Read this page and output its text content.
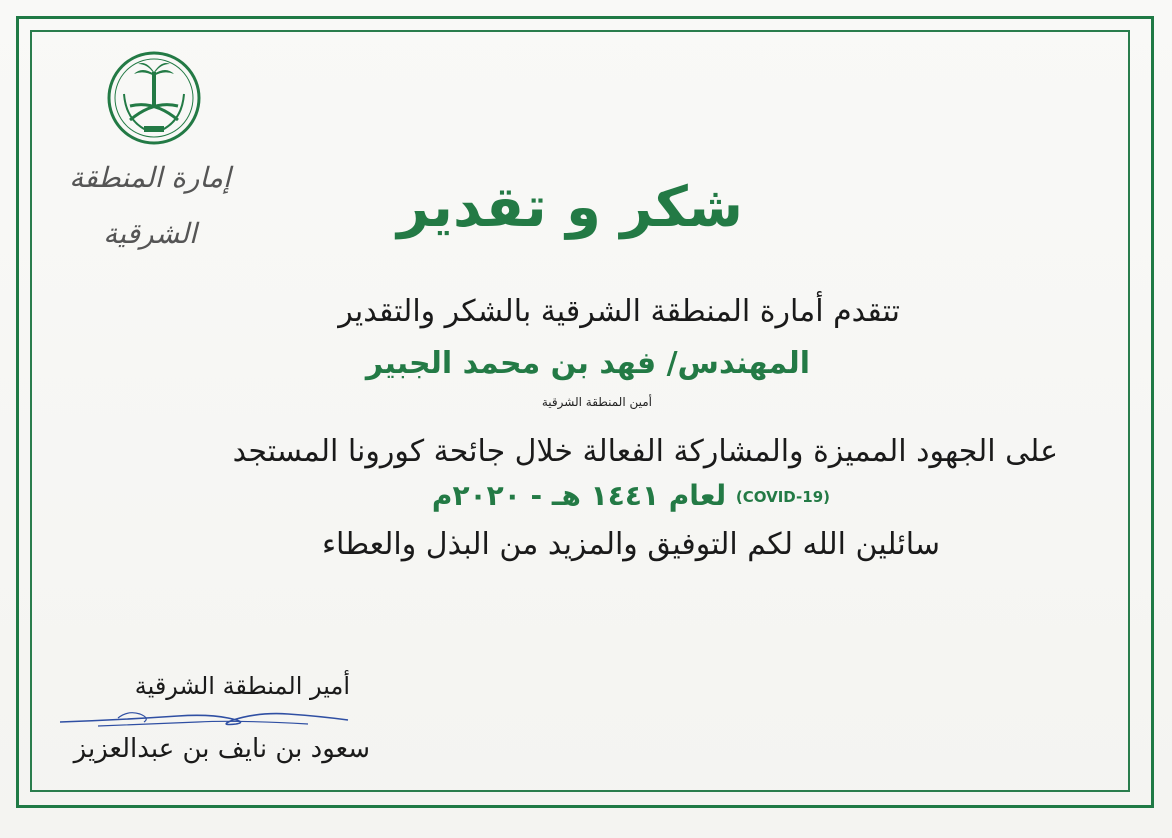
إمارة المنطقة الشرقية	شكر و تقدير
تتقدم أمارة المنطقة الشرقية بالشكر والتقدير
المهندس/ فهد بن محمد الجبير
أمين المنطقة الشرقية
على الجهود المميزة والمشاركة الفعالة خلال جائحة كورونا المستجد
(COVID-19) لعام ١٤٤١ هـ - ٢٠٢٠م
سائلين الله لكم التوفيق والمزيد من البذل والعطاء
أمير المنطقة الشرقية
سعود بن نايف بن عبدالعزيز
